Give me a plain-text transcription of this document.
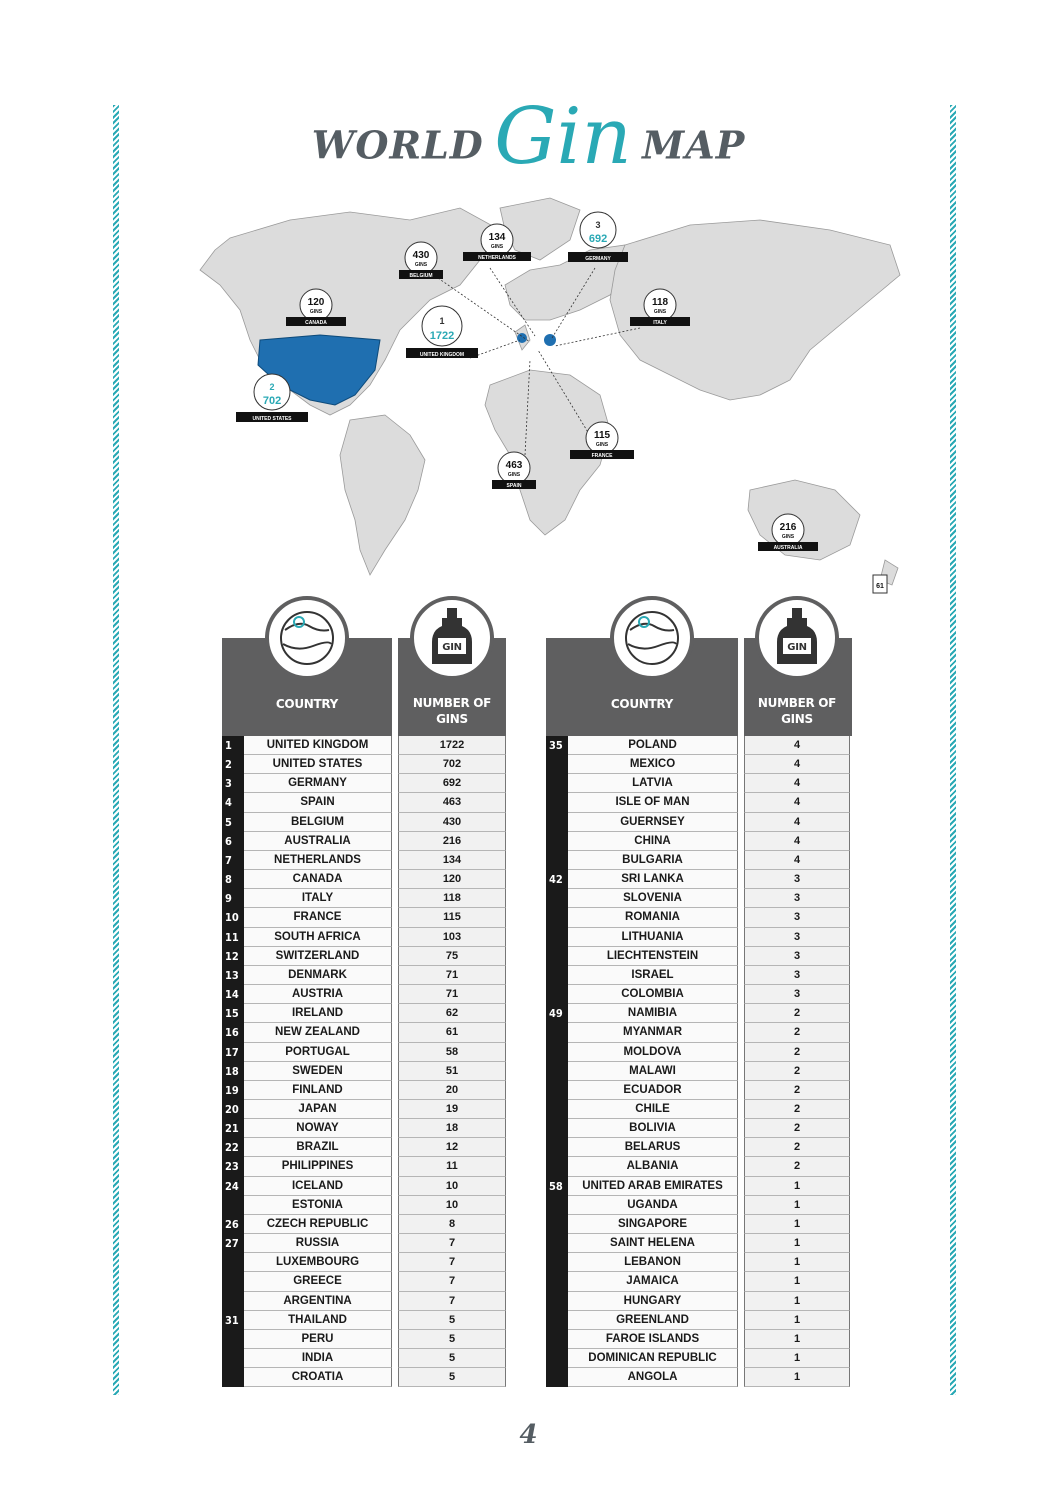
WORLD Gin MAP
1
1722
UNITED KINGDOM
2
702
UNITED STATES
3
692
GERMANY
463
GINS
SPAIN
430
GINS
BELGIUM
216
GINS
AUSTRALIA
134
GINS
NETHERLANDS
120
GINS
CANADA
118
GINS
ITALY
115
GINS
FRANCE
61
GIN
COUNTRY	NUMBER OF
GINS
1	UNITED KINGDOM	1722
2	UNITED STATES	702
3	GERMANY	692
4	SPAIN	463
5	BELGIUM	430
6	AUSTRALIA	216
7	NETHERLANDS	134
8	CANADA	120
9	ITALY	118
10	FRANCE	115
11	SOUTH AFRICA	103
12	SWITZERLAND	75
13	DENMARK	71
14	AUSTRIA	71
15	IRELAND	62
16	NEW ZEALAND	61
17	PORTUGAL	58
18	SWEDEN	51
19	FINLAND	20
20	JAPAN	19
21	NOWAY	18
22	BRAZIL	12
23	PHILIPPINES	11
24	ICELAND	10
ESTONIA	10
26	CZECH REPUBLIC	8
27	RUSSIA	7
LUXEMBOURG	7
GREECE	7
ARGENTINA	7
31	THAILAND	5
PERU	5
INDIA	5
CROATIA	5
GIN
COUNTRY	NUMBER OF
GINS
35	POLAND	4
MEXICO	4
LATVIA	4
ISLE OF MAN	4
GUERNSEY	4
CHINA	4
BULGARIA	4
42	SRI LANKA	3
SLOVENIA	3
ROMANIA	3
LITHUANIA	3
LIECHTENSTEIN	3
ISRAEL	3
COLOMBIA	3
49	NAMIBIA	2
MYANMAR	2
MOLDOVA	2
MALAWI	2
ECUADOR	2
CHILE	2
BOLIVIA	2
BELARUS	2
ALBANIA	2
58	UNITED ARAB EMIRATES	1
UGANDA	1
SINGAPORE	1
SAINT HELENA	1
LEBANON	1
JAMAICA	1
HUNGARY	1
GREENLAND	1
FAROE ISLANDS	1
DOMINICAN REPUBLIC	1
ANGOLA	1
4
